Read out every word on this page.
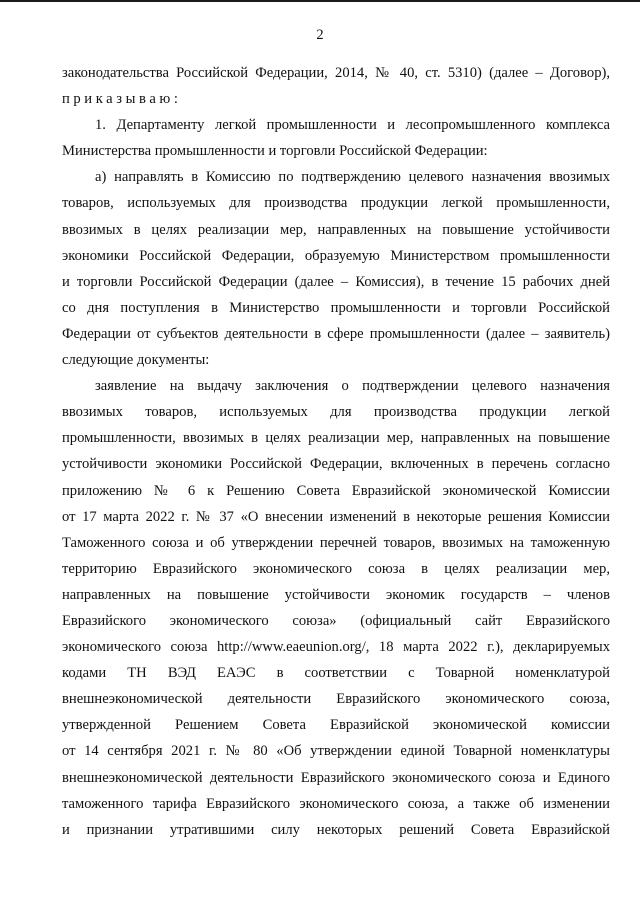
2
законодательства Российской Федерации, 2014, № 40, ст. 5310) (далее – Договор),
приказываю:
1. Департаменту легкой промышленности и лесопромышленного комплекса
Министерства промышленности и торговли Российской Федерации:
а) направлять в Комиссию по подтверждению целевого назначения ввозимых
товаров, используемых для производства продукции легкой промышленности,
ввозимых в целях реализации мер, направленных на повышение устойчивости
экономики Российской Федерации, образуемую Министерством промышленности
и торговли Российской Федерации (далее – Комиссия), в течение 15 рабочих дней
со дня поступления в Министерство промышленности и торговли Российской
Федерации от субъектов деятельности в сфере промышленности (далее – заявитель)
следующие документы:
заявление на выдачу заключения о подтверждении целевого назначения
ввозимых товаров, используемых для производства продукции легкой
промышленности, ввозимых в целях реализации мер, направленных на повышение
устойчивости экономики Российской Федерации, включенных в перечень согласно
приложению № 6 к Решению Совета Евразийской экономической Комиссии
от 17 марта 2022 г. № 37 «О внесении изменений в некоторые решения Комиссии
Таможенного союза и об утверждении перечней товаров, ввозимых на таможенную
территорию Евразийского экономического союза в целях реализации мер,
направленных на повышение устойчивости экономик государств – членов
Евразийского экономического союза» (официальный сайт Евразийского
экономического союза http://www.eaeunion.org/, 18 марта 2022 г.), декларируемых
кодами ТН ВЭД ЕАЭС в соответствии с Товарной номенклатурой
внешнеэкономической деятельности Евразийского экономического союза,
утвержденной Решением Совета Евразийской экономической комиссии
от 14 сентября 2021 г. № 80 «Об утверждении единой Товарной номенклатуры
внешнеэкономической деятельности Евразийского экономического союза и Единого
таможенного тарифа Евразийского экономического союза, а также об изменении
и признании утратившими силу некоторых решений Совета Евразийской
